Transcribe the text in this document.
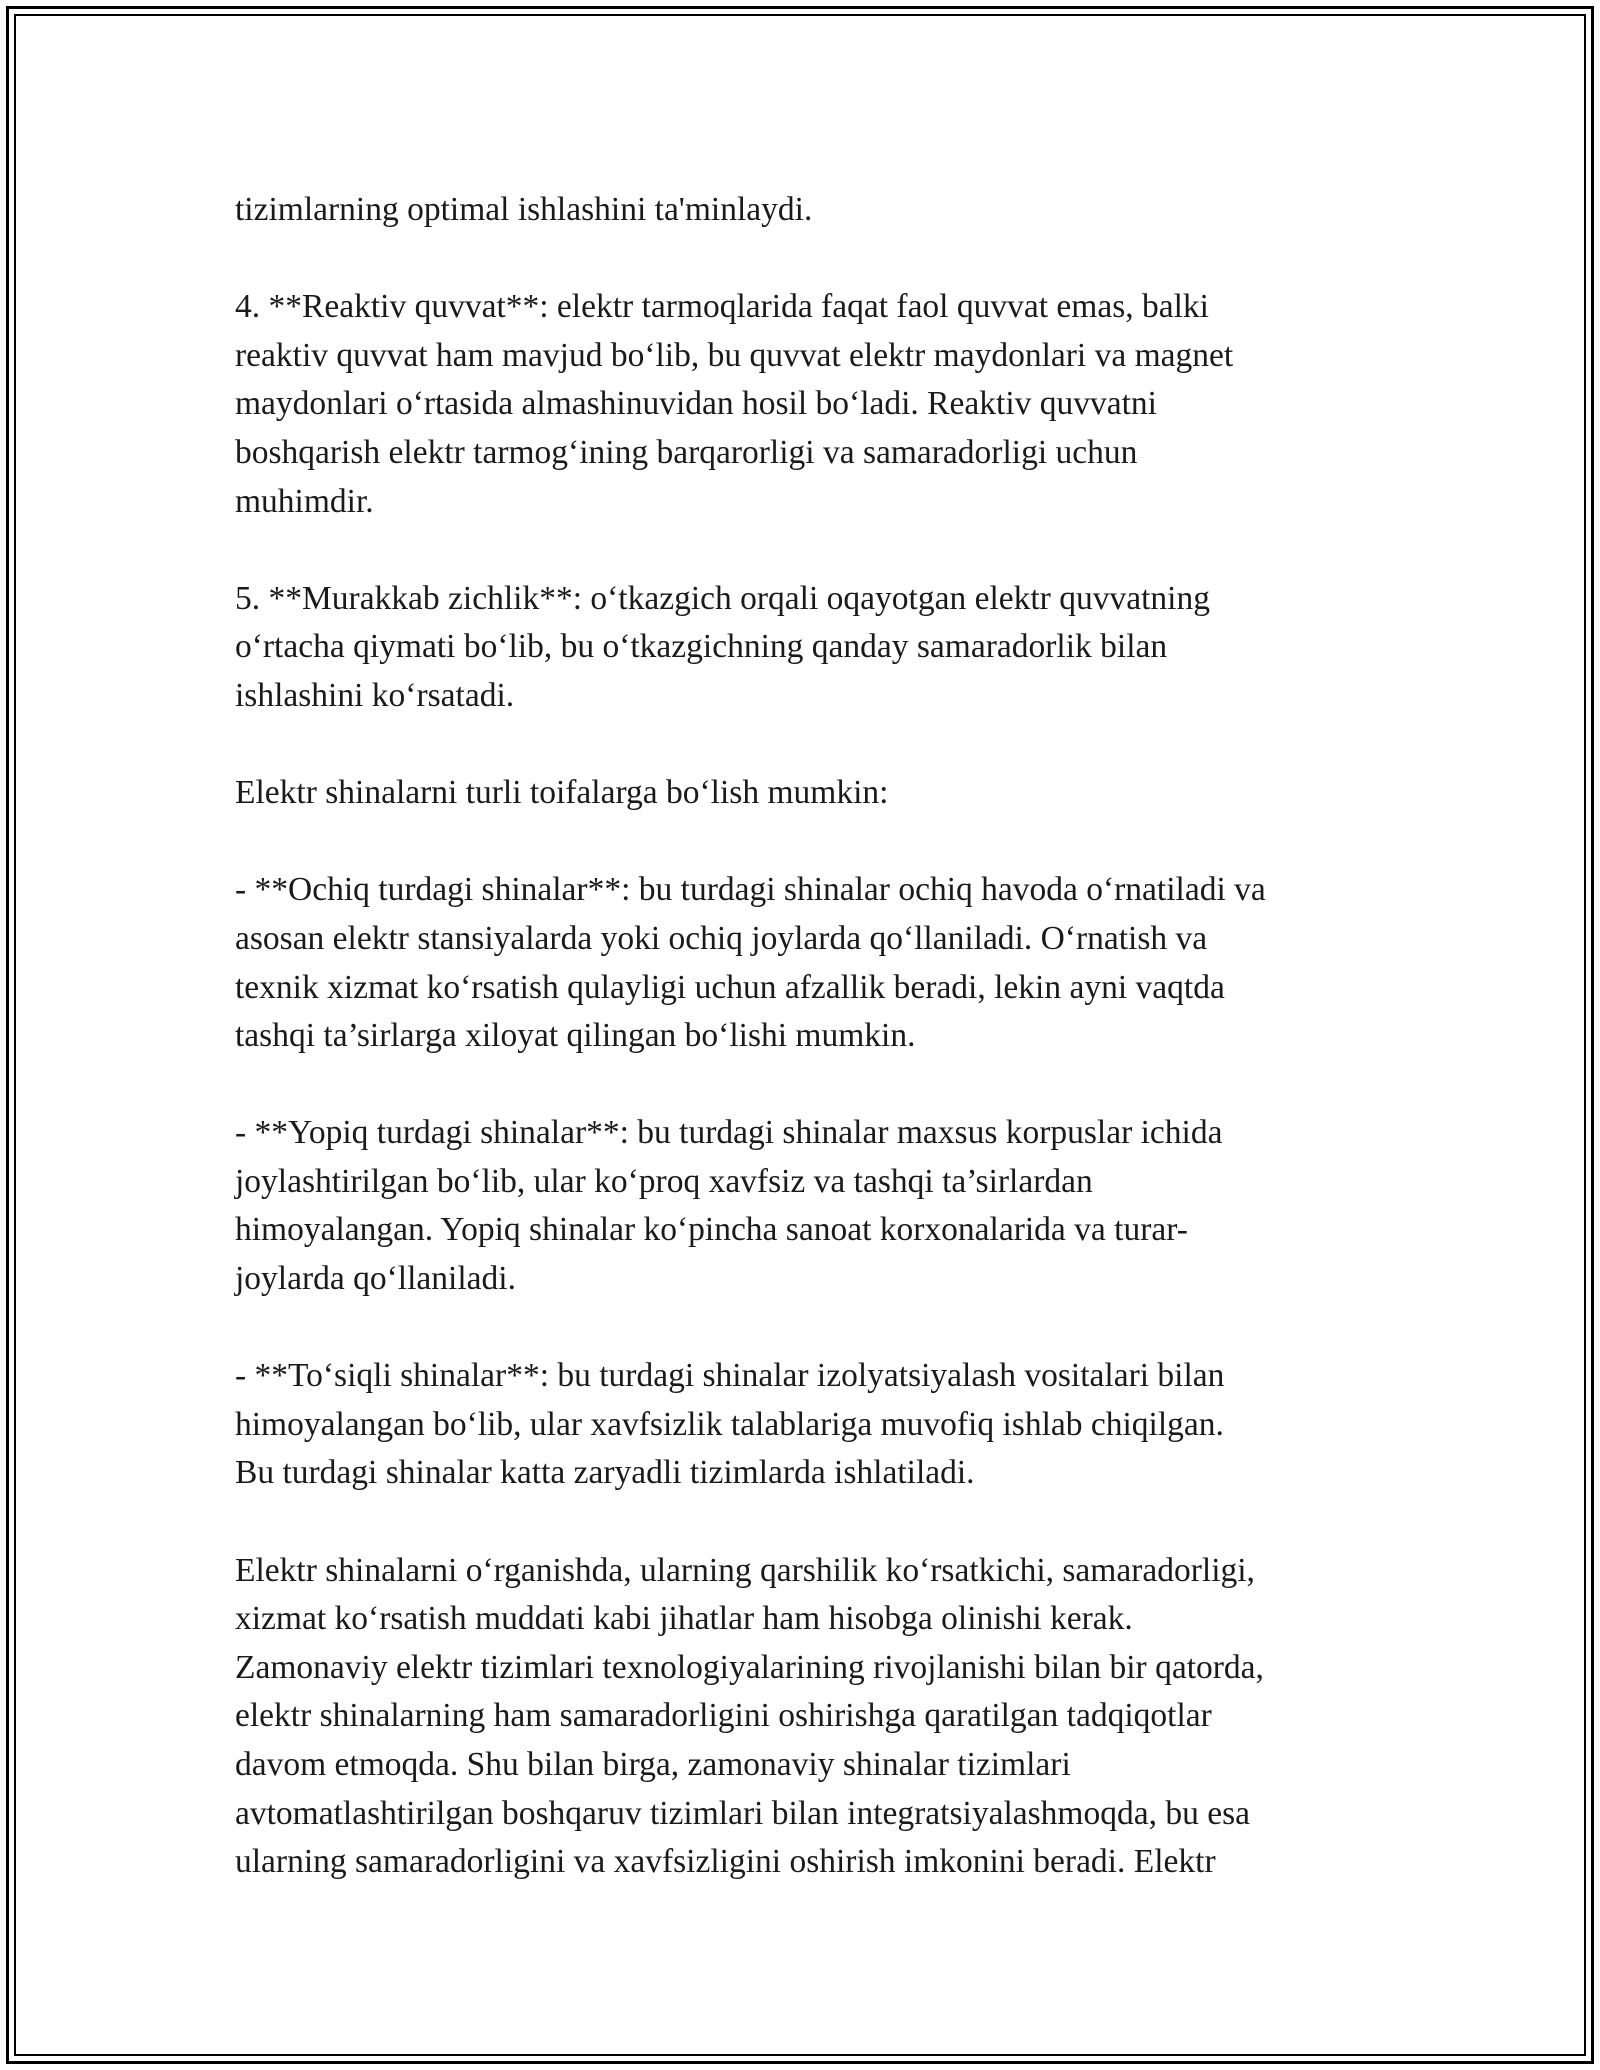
tizimlarning optimal ishlashini ta'minlaydi.
4. **Reaktiv quvvat**: elektr tarmoqlarida faqat faol quvvat emas, balki
reaktiv quvvat ham mavjud bo‘lib, bu quvvat elektr maydonlari va magnet
maydonlari o‘rtasida almashinuvidan hosil bo‘ladi. Reaktiv quvvatni
boshqarish elektr tarmog‘ining barqarorligi va samaradorligi uchun
muhimdir.
5. **Murakkab zichlik**: o‘tkazgich orqali oqayotgan elektr quvvatning
o‘rtacha qiymati bo‘lib, bu o‘tkazgichning qanday samaradorlik bilan
ishlashini ko‘rsatadi.
Elektr shinalarni turli toifalarga bo‘lish mumkin:
- **Ochiq turdagi shinalar**: bu turdagi shinalar ochiq havoda o‘rnatiladi va
asosan elektr stansiyalarda yoki ochiq joylarda qo‘llaniladi. O‘rnatish va
texnik xizmat ko‘rsatish qulayligi uchun afzallik beradi, lekin ayni vaqtda
tashqi ta’sirlarga xiloyat qilingan bo‘lishi mumkin.
- **Yopiq turdagi shinalar**: bu turdagi shinalar maxsus korpuslar ichida
joylashtirilgan bo‘lib, ular ko‘proq xavfsiz va tashqi ta’sirlardan
himoyalangan. Yopiq shinalar ko‘pincha sanoat korxonalarida va turar-
joylarda qo‘llaniladi.
- **To‘siqli shinalar**: bu turdagi shinalar izolyatsiyalash vositalari bilan
himoyalangan bo‘lib, ular xavfsizlik talablariga muvofiq ishlab chiqilgan.
Bu turdagi shinalar katta zaryadli tizimlarda ishlatiladi.
Elektr shinalarni o‘rganishda, ularning qarshilik ko‘rsatkichi, samaradorligi,
xizmat ko‘rsatish muddati kabi jihatlar ham hisobga olinishi kerak.
Zamonaviy elektr tizimlari texnologiyalarining rivojlanishi bilan bir qatorda,
elektr shinalarning ham samaradorligini oshirishga qaratilgan tadqiqotlar
davom etmoqda. Shu bilan birga, zamonaviy shinalar tizimlari
avtomatlashtirilgan boshqaruv tizimlari bilan integratsiyalashmoqda, bu esa
ularning samaradorligini va xavfsizligini oshirish imkonini beradi. Elektr
